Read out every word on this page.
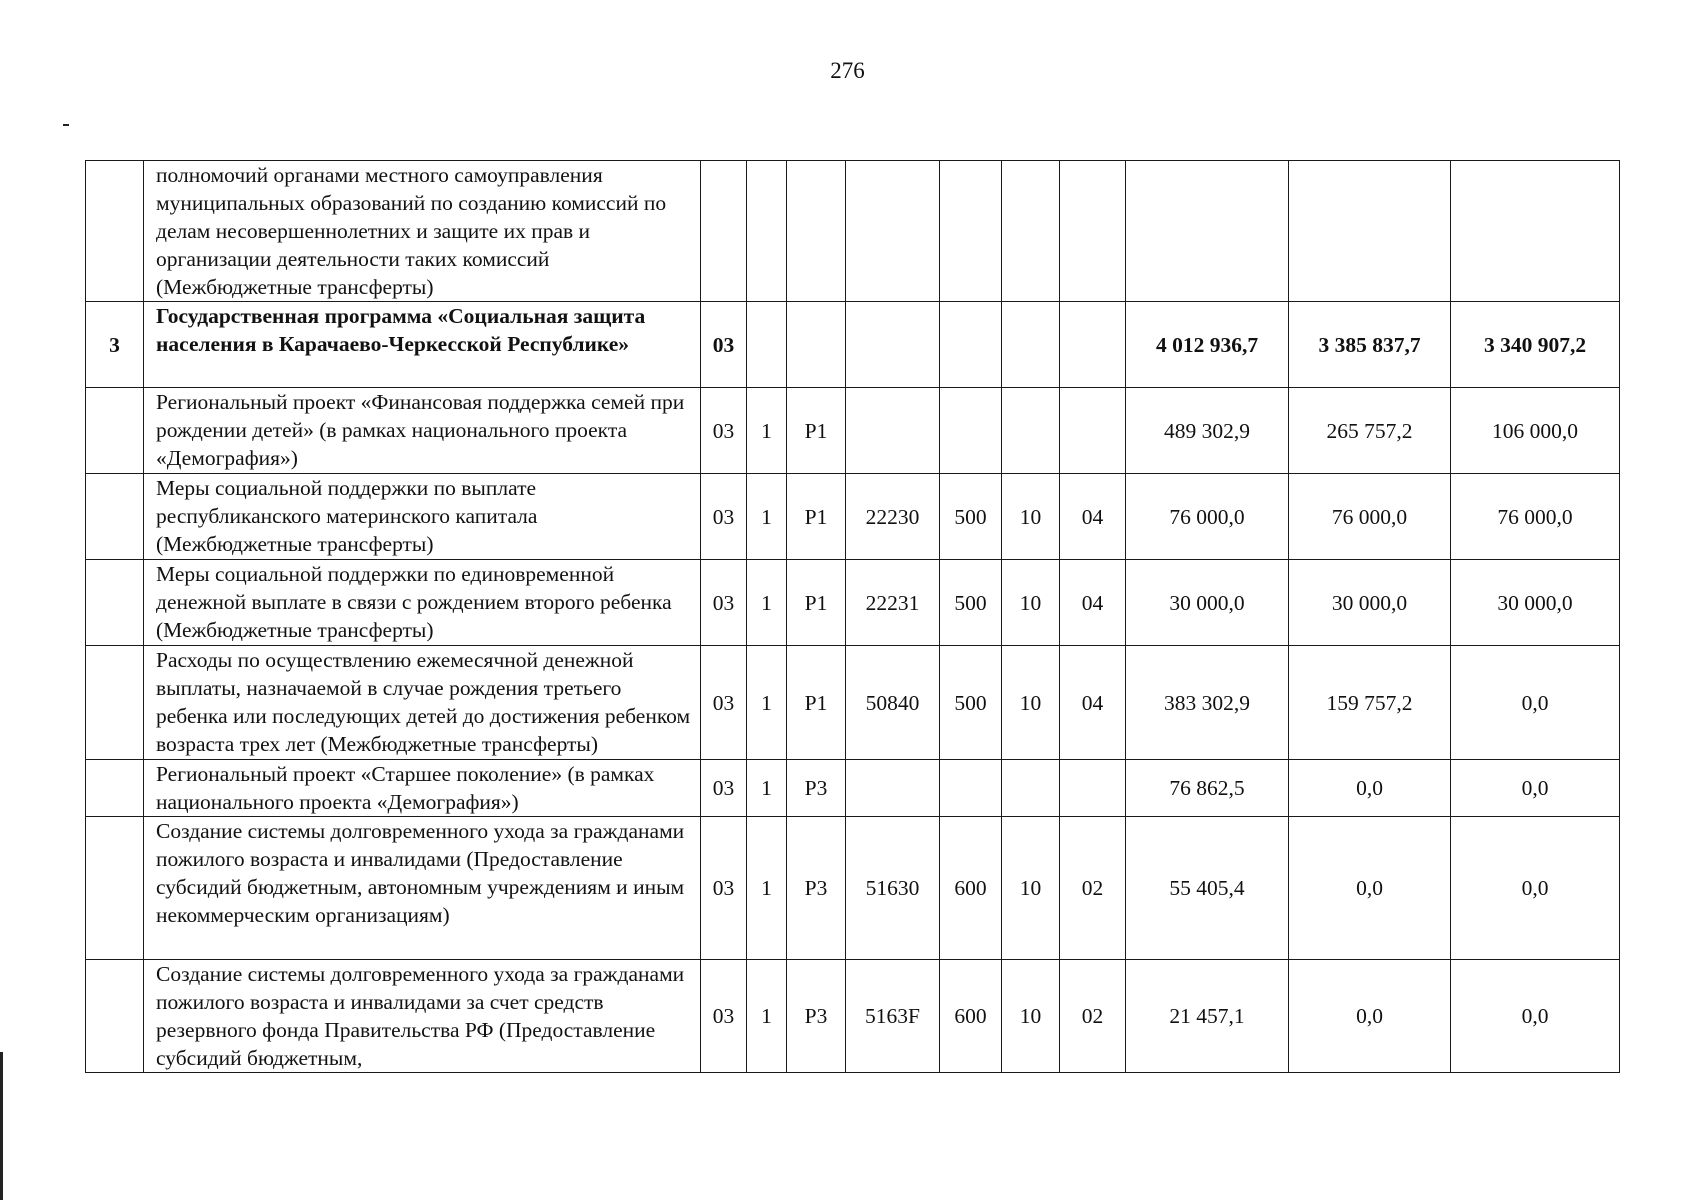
276
	полномочий органами местного самоуправления муниципальных образований по созданию комиссий по делам несовершеннолетних и защите их прав и организации деятельности таких комиссий (Межбюджетные трансферты)										
3	Государственная программа «Социальная защита населения в Карачаево-Черкесской Республике»	03							4 012 936,7	3 385 837,7	3 340 907,2
	Региональный проект «Финансовая поддержка семей при рождении детей» (в рамках национального проекта «Демография»)	03	1	Р1					489 302,9	265 757,2	106 000,0
	Меры социальной поддержки по выплате республиканского материнского капитала (Межбюджетные трансферты)	03	1	Р1	22230	500	10	04	76 000,0	76 000,0	76 000,0
	Меры социальной поддержки по единовременной денежной выплате в связи с рождением второго ребенка (Межбюджетные трансферты)	03	1	Р1	22231	500	10	04	30 000,0	30 000,0	30 000,0
	Расходы по осуществлению ежемесячной денежной выплаты, назначаемой в случае рождения третьего ребенка или последующих детей до достижения ребенком возраста трех лет (Межбюджетные трансферты)	03	1	Р1	50840	500	10	04	383 302,9	159 757,2	0,0
	Региональный проект «Старшее поколение» (в рамках национального проекта «Демография»)	03	1	Р3					76 862,5	0,0	0,0
	Создание системы долговременного ухода за гражданами пожилого возраста и инвалидами (Предоставление субсидий бюджетным, автономным учреждениям и иным некоммерческим организациям)	03	1	Р3	51630	600	10	02	55 405,4	0,0	0,0
	Создание системы долговременного ухода за гражданами пожилого возраста и инвалидами за счет средств резервного фонда Правительства РФ (Предоставление субсидий бюджетным,	03	1	Р3	5163F	600	10	02	21 457,1	0,0	0,0
